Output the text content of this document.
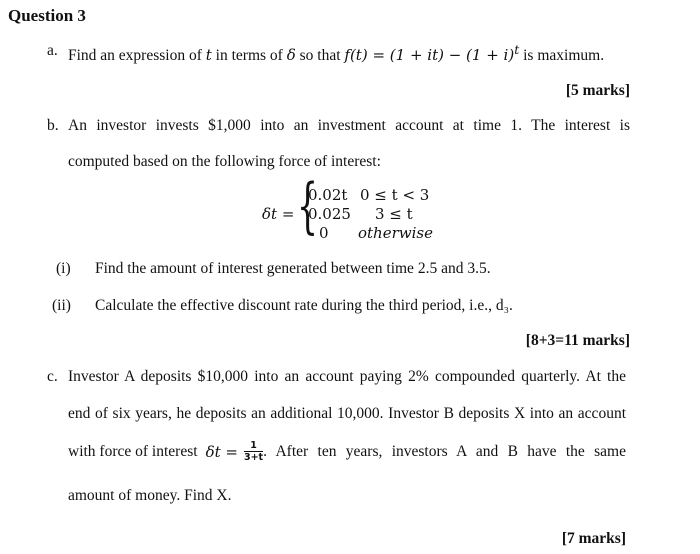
Question 3
a. Find an expression of t in terms of δ so that $f(t) = (1 + it) - (1 + i)^t$ is maximum.
[5 marks]
b. An investor invests $1,000 into an investment account at time 1. The interest is
computed based on the following force of interest:
δt = {
0.02t 0 ≤ t < 3
0.025 3 ≤ t
0 otherwise
(i) Find the amount of interest generated between time 2.5 and 3.5.
(ii) Calculate the effective discount rate during the third period, i.e., d₃.
[8+3=11 marks]
c. Investor A deposits $10,000 into an account paying 2% compounded quarterly. At the
end of six years, he deposits an additional 10,000. Investor B deposits X into an account
with force of interest $\delta t = \frac{1}{3+t}$ . After ten years, investors A and B have the same
amount of money. Find X.
[7 marks]
